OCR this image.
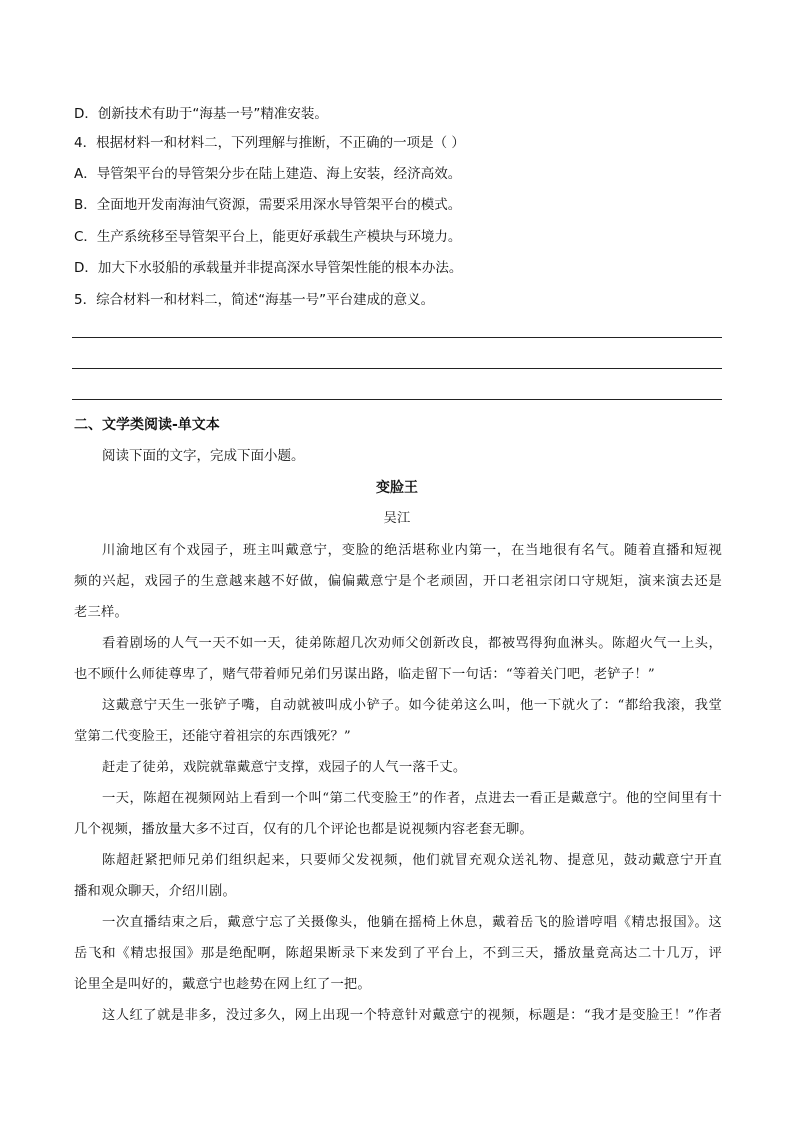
D．创新技术有助于“海基一号”精准安装。
4．根据材料一和材料二，下列理解与推断，不正确的一项是（ ）
A．导管架平台的导管架分步在陆上建造、海上安装，经济高效。
B．全面地开发南海油气资源，需要采用深水导管架平台的模式。
C．生产系统移至导管架平台上，能更好承载生产模块与环境力。
D．加大下水驳船的承载量并非提高深水导管架性能的根本办法。
5．综合材料一和材料二，简述“海基一号”平台建成的意义。
二、文学类阅读-单文本
阅读下面的文字，完成下面小题。
变脸王
吴江
川渝地区有个戏园子，班主叫戴意宁，变脸的绝活堪称业内第一，在当地很有名气。随着直播和短视
频的兴起，戏园子的生意越来越不好做，偏偏戴意宁是个老顽固，开口老祖宗闭口守规矩，演来演去还是
老三样。
看着剧场的人气一天不如一天，徒弟陈超几次劝师父创新改良，都被骂得狗血淋头。陈超火气一上头，
也不顾什么师徒尊卑了，赌气带着师兄弟们另谋出路，临走留下一句话：“等着关门吧，老铲子！”
这戴意宁天生一张铲子嘴，自动就被叫成小铲子。如今徒弟这么叫，他一下就火了：“都给我滚，我堂
堂第二代变脸王，还能守着祖宗的东西饿死？”
赶走了徒弟，戏院就靠戴意宁支撑，戏园子的人气一落千丈。
一天，陈超在视频网站上看到一个叫“第二代变脸王”的作者，点进去一看正是戴意宁。他的空间里有十
几个视频，播放量大多不过百，仅有的几个评论也都是说视频内容老套无聊。
陈超赶紧把师兄弟们组织起来，只要师父发视频，他们就冒充观众送礼物、提意见，鼓动戴意宁开直
播和观众聊天，介绍川剧。
一次直播结束之后，戴意宁忘了关摄像头，他躺在摇椅上休息，戴着岳飞的脸谱哼唱《精忠报国》。这
岳飞和《精忠报国》那是绝配啊，陈超果断录下来发到了平台上，不到三天，播放量竟高达二十几万，评
论里全是叫好的，戴意宁也趁势在网上红了一把。
这人红了就是非多，没过多久，网上出现一个特意针对戴意宁的视频，标题是：“我才是变脸王！”作者
